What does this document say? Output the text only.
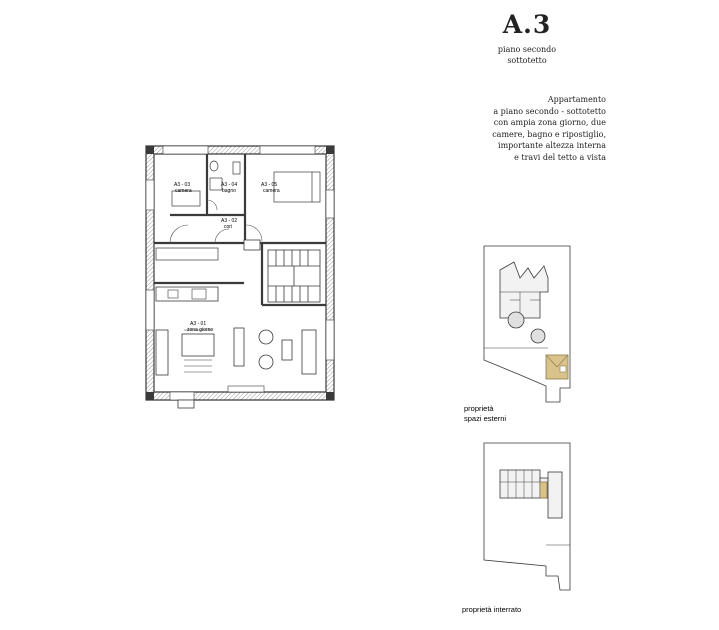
A.3
piano secondo
sottotetto
Appartamento
a piano secondo - sottotetto
con ampia zona giorno, due
camere, bagno e ripostiglio,
importante altezza interna
e travi del tetto a vista
A3 - 03
camera
A3 - 04
bagno
A3 - 05
camera
A3 - 02
cori
A3 - 01
zona giorno
proprietà
spazi esterni
proprietà interrato
